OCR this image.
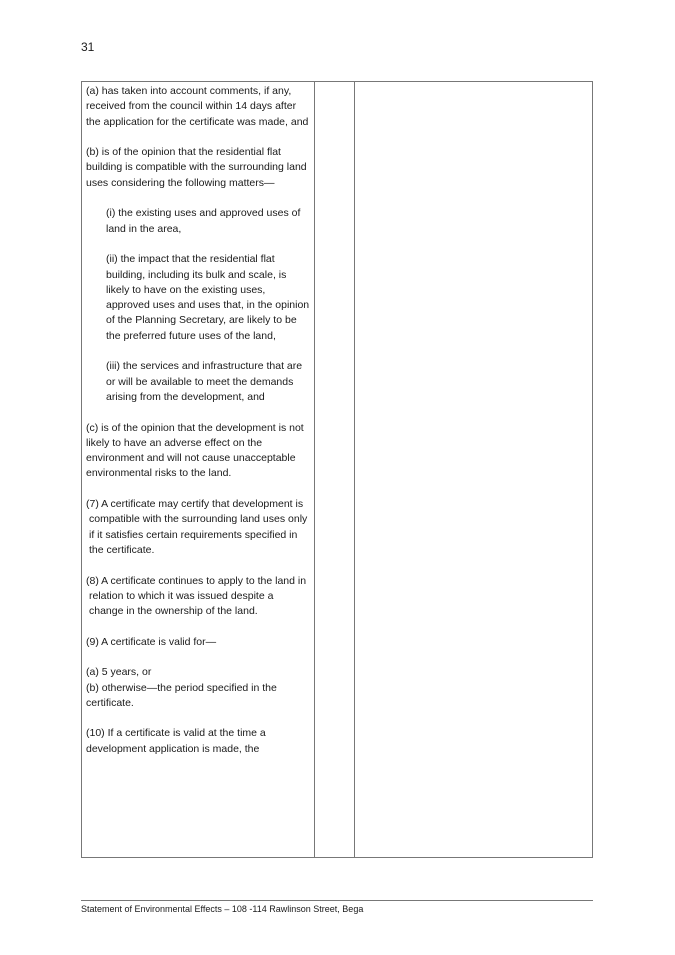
31

(a) has taken into account comments, if any, received from the council within 14 days after the application for the certificate was made, and

(b) is of the opinion that the residential flat building is compatible with the surrounding land uses considering the following matters—

(i) the existing uses and approved uses of land in the area,

(ii) the impact that the residential flat building, including its bulk and scale, is likely to have on the existing uses, approved uses and uses that, in the opinion of the Planning Secretary, are likely to be the preferred future uses of the land,

(iii) the services and infrastructure that are or will be available to meet the demands arising from the development, and

(c) is of the opinion that the development is not likely to have an adverse effect on the environment and will not cause unacceptable environmental risks to the land.

(7) A certificate may certify that development is compatible with the surrounding land uses only if it satisfies certain requirements specified in the certificate.

(8) A certificate continues to apply to the land in relation to which it was issued despite a change in the ownership of the land.

(9) A certificate is valid for—

(a) 5 years, or

(b) otherwise—the period specified in the certificate.

(10) If a certificate is valid at the time a development application is made, the

Statement of Environmental Effects – 108 -114 Rawlinson Street, Bega
